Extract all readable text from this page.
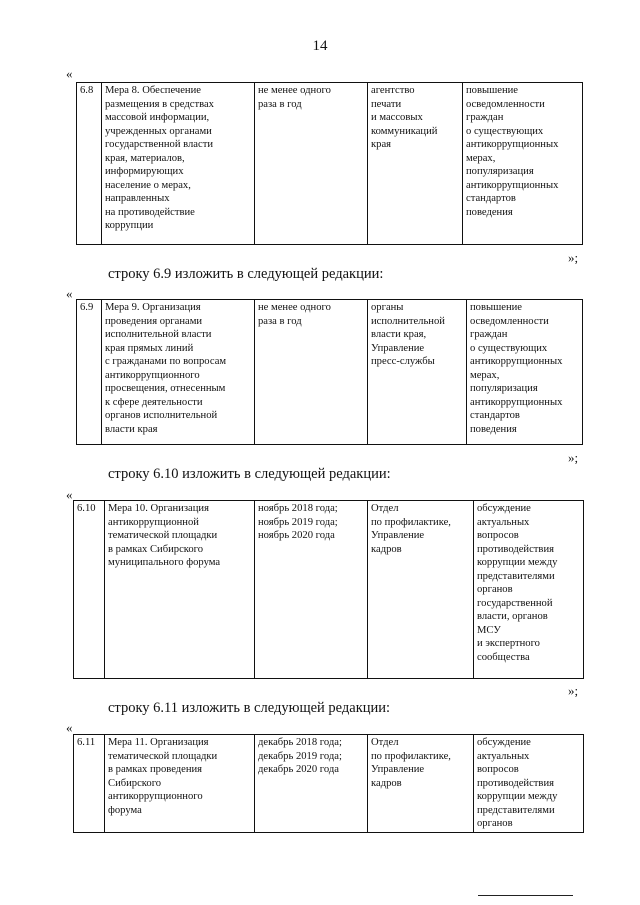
14
«
6.8	Мера 8. Обеспечение
размещения в средствах
массовой информации,
учрежденных органами
государственной власти
края, материалов,
информирующих
население о мерах,
направленных
на противодействие
коррупции	не менее одного
раза в год	агентство
печати
и массовых
коммуникаций
края	повышение
осведомленности
граждан
о существующих
антикоррупционных
мерах,
популяризация
антикоррупционных
стандартов
поведения
»;
строку 6.9 изложить в следующей редакции:
«
6.9	Мера 9. Организация
проведения органами
исполнительной власти
края прямых линий
с гражданами по вопросам
антикоррупционного
просвещения, отнесенным
к сфере деятельности
органов исполнительной
власти края	не менее одного
раза в год	органы
исполнительной
власти края,
Управление
пресс-службы	повышение
осведомленности
граждан
о существующих
антикоррупционных
мерах,
популяризация
антикоррупционных
стандартов
поведения
»;
строку 6.10 изложить в следующей редакции:
«
6.10	Мера 10. Организация
антикоррупционной
тематической площадки
в рамках Сибирского
муниципального форума	ноябрь 2018 года;
ноябрь 2019 года;
ноябрь 2020 года	Отдел
по профилактике,
Управление
кадров	обсуждение
актуальных
вопросов
противодействия
коррупции между
представителями
органов
государственной
власти, органов
МСУ
и экспертного
сообщества
»;
строку 6.11 изложить в следующей редакции:
«
6.11	Мера 11. Организация
тематической площадки
в рамках проведения
Сибирского
антикоррупционного
форума	декабрь 2018 года;
декабрь 2019 года;
декабрь 2020 года	Отдел
по профилактике,
Управление
кадров	обсуждение
актуальных
вопросов
противодействия
коррупции между
представителями
органов
